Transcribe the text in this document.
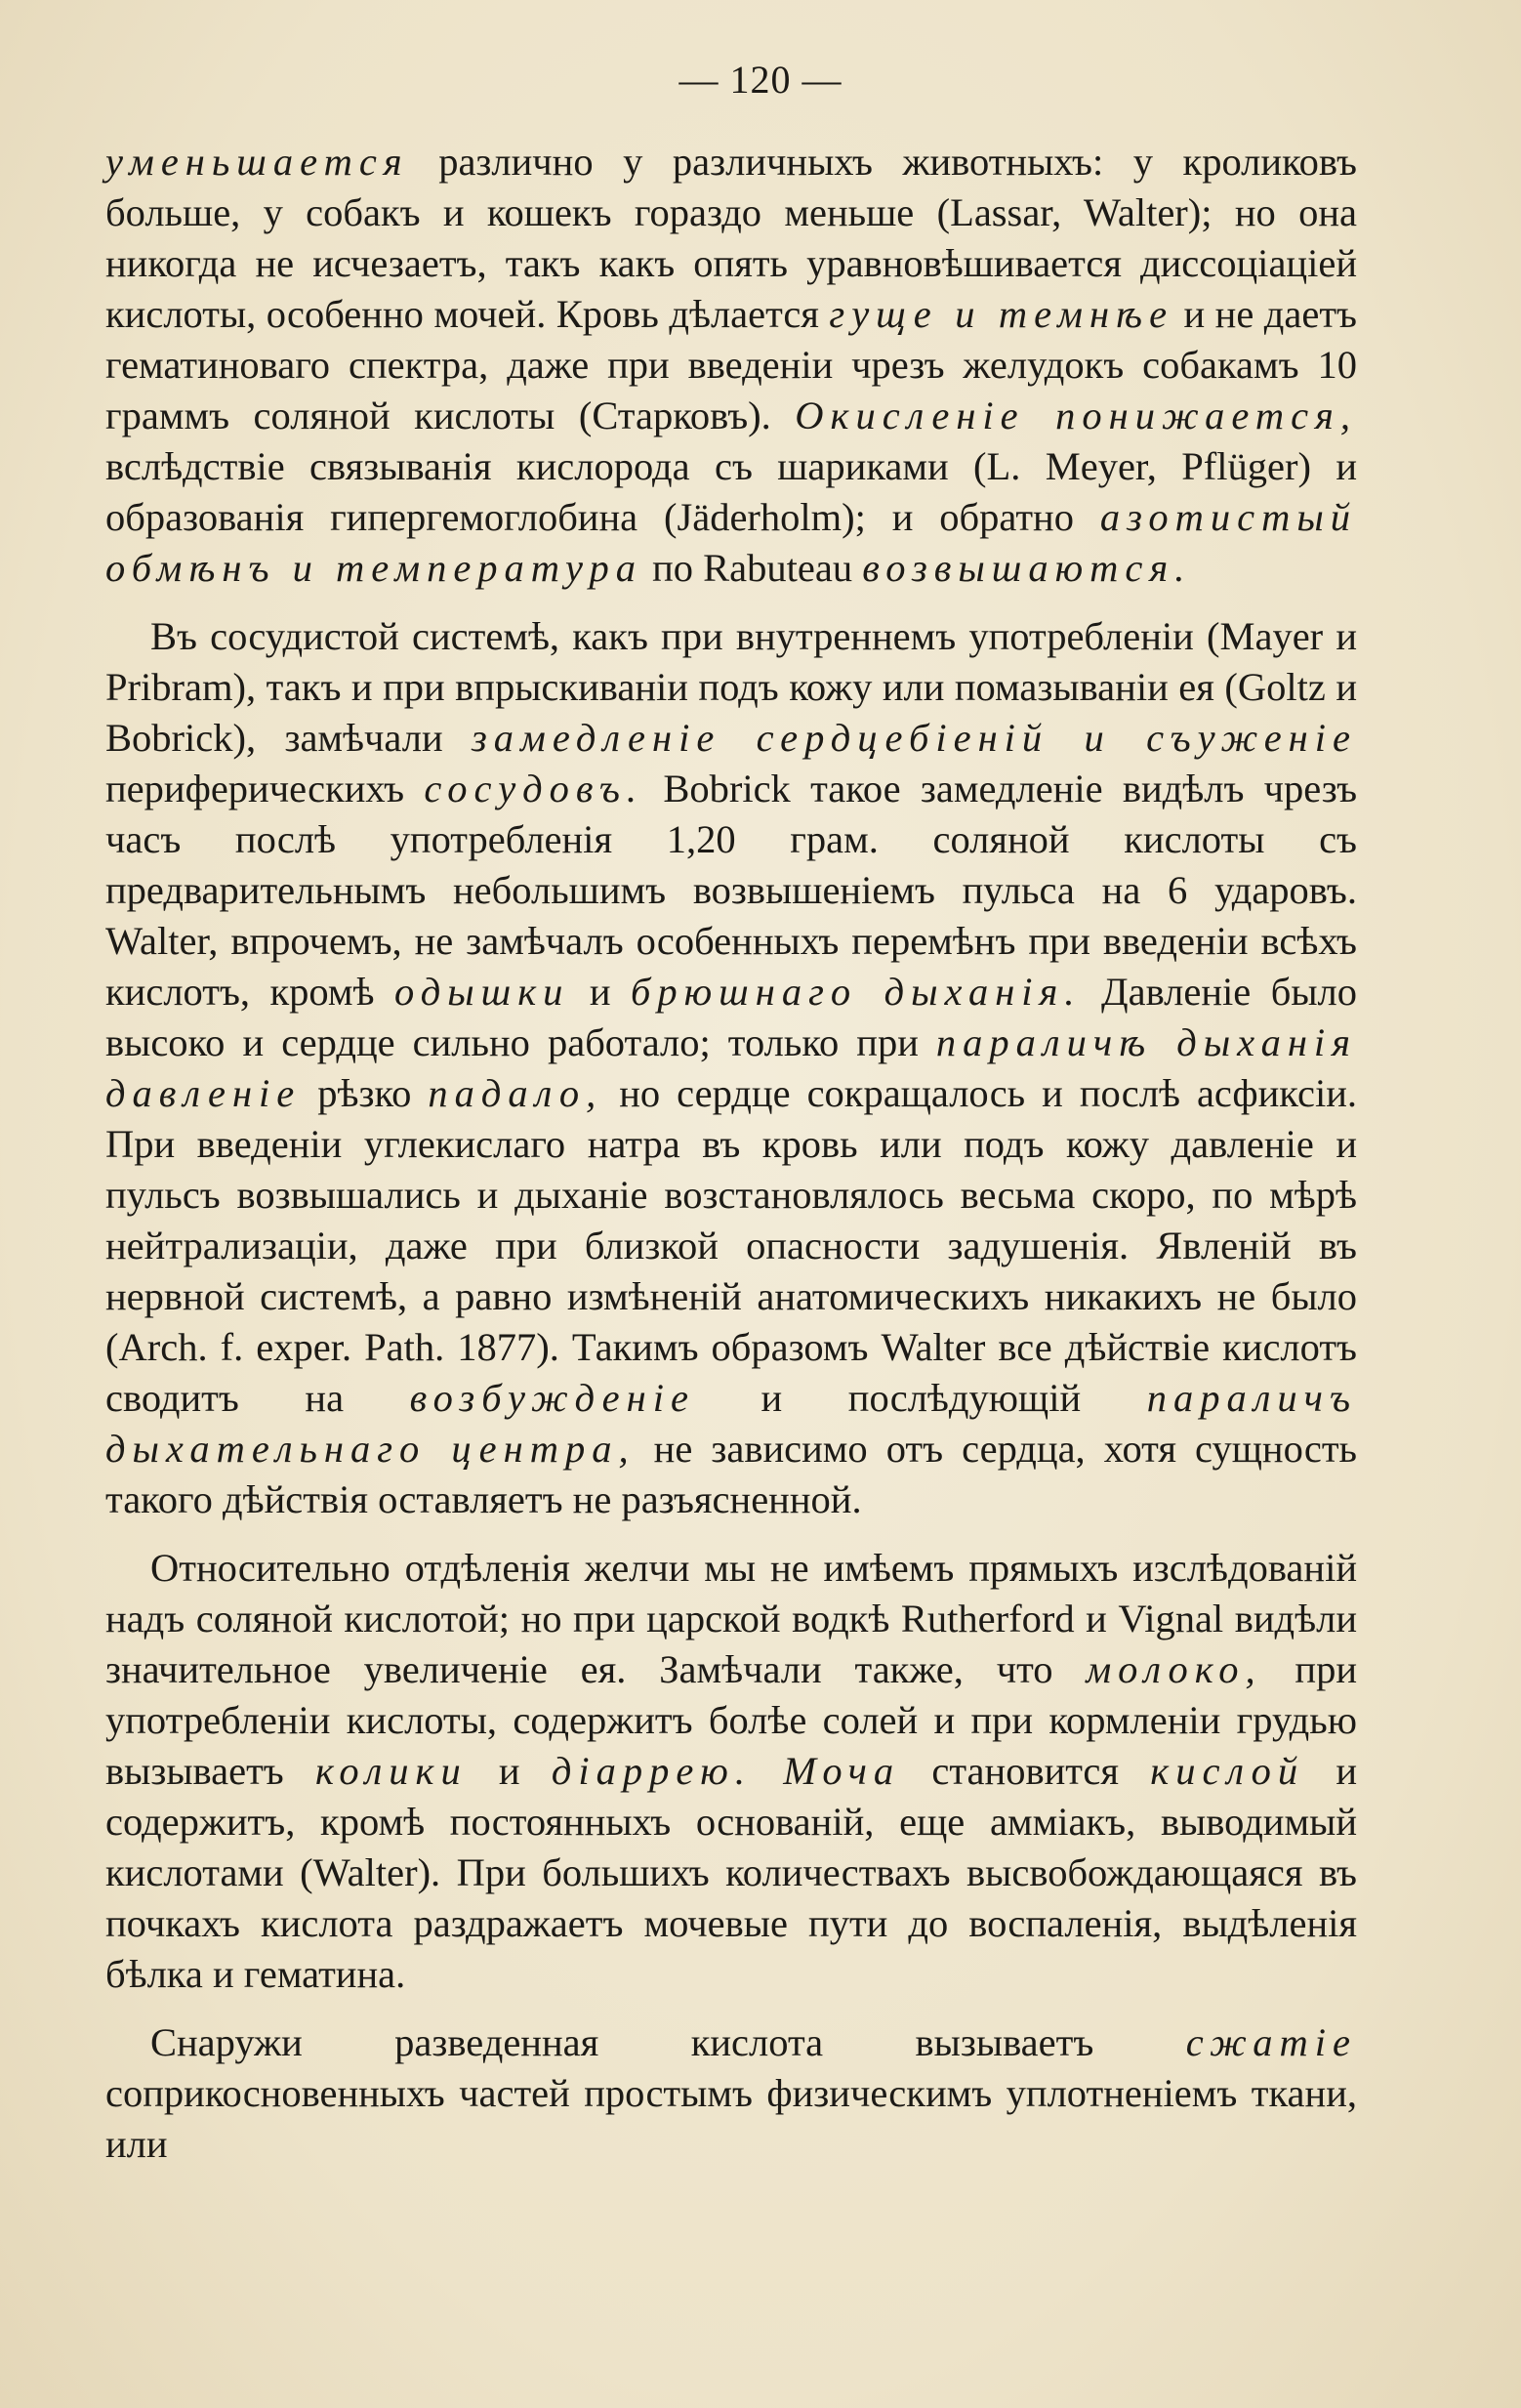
— 120 —

уменьшается различно у различныхъ животныхъ: у кроликовъ больше, у собакъ и кошекъ гораздо меньше (Lassar, Walter); но она никогда не исчезаетъ, такъ какъ опять уравновѣшивается диссоціаціей кислоты, особенно мочей. Кровь дѣлается гуще и темнѣе и не даетъ гематиноваго спектра, даже при введеніи чрезъ желудокъ собакамъ 10 граммъ соляной кислоты (Старковъ). Окисленіе понижается, вслѣдствіе связыванія кислорода съ шариками (L. Meyer, Pflüger) и образованія гипергемоглобина (Jäderholm); и обратно азотистый обмѣнъ и температура по Rabuteau возвышаются.

Въ сосудистой системѣ, какъ при внутреннемъ употребленіи (Mayer и Pribram), такъ и при впрыскиваніи подъ кожу или помазываніи ея (Goltz и Bobrick), замѣчали замедленіе сердцебіеній и съуженіе периферическихъ сосудовъ. Bobrick такое замедленіе видѣлъ чрезъ часъ послѣ употребленія 1,20 грам. соляной кислоты съ предварительнымъ небольшимъ возвышеніемъ пульса на 6 ударовъ. Walter, впрочемъ, не замѣчалъ особенныхъ перемѣнъ при введеніи всѣхъ кислотъ, кромѣ одышки и брюшнаго дыханія. Давленіе было высоко и сердце сильно работало; только при параличѣ дыханія давленіе рѣзко падало, но сердце сокращалось и послѣ асфиксіи. При введеніи углекислаго натра въ кровь или подъ кожу давленіе и пульсъ возвышались и дыханіе возстановлялось весьма скоро, по мѣрѣ нейтрализаціи, даже при близкой опасности задушенія. Явленій въ нервной системѣ, а равно измѣненій анатомическихъ никакихъ не было (Arch. f. exper. Path. 1877). Такимъ образомъ Walter все дѣйствіе кислотъ сводитъ на возбужденіе и послѣдующій параличъ дыхательнаго центра, не зависимо отъ сердца, хотя сущность такого дѣйствія оставляетъ не разъясненной.

Относительно отдѣленія желчи мы не имѣемъ прямыхъ изслѣдованій надъ соляной кислотой; но при царской водкѣ Rutherford и Vignal видѣли значительное увеличеніе ея. Замѣчали также, что молоко, при употребленіи кислоты, содержитъ болѣе солей и при кормленіи грудью вызываетъ колики и діаррею. Моча становится кислой и содержитъ, кромѣ постоянныхъ основаній, еще амміакъ, выводимый кислотами (Walter). При большихъ количествахъ высвобождающаяся въ почкахъ кислота раздражаетъ мочевые пути до воспаленія, выдѣленія бѣлка и гематина.

Снаружи разведенная кислота вызываетъ сжатіе соприкосновенныхъ частей простымъ физическимъ уплотненіемъ ткани, или
